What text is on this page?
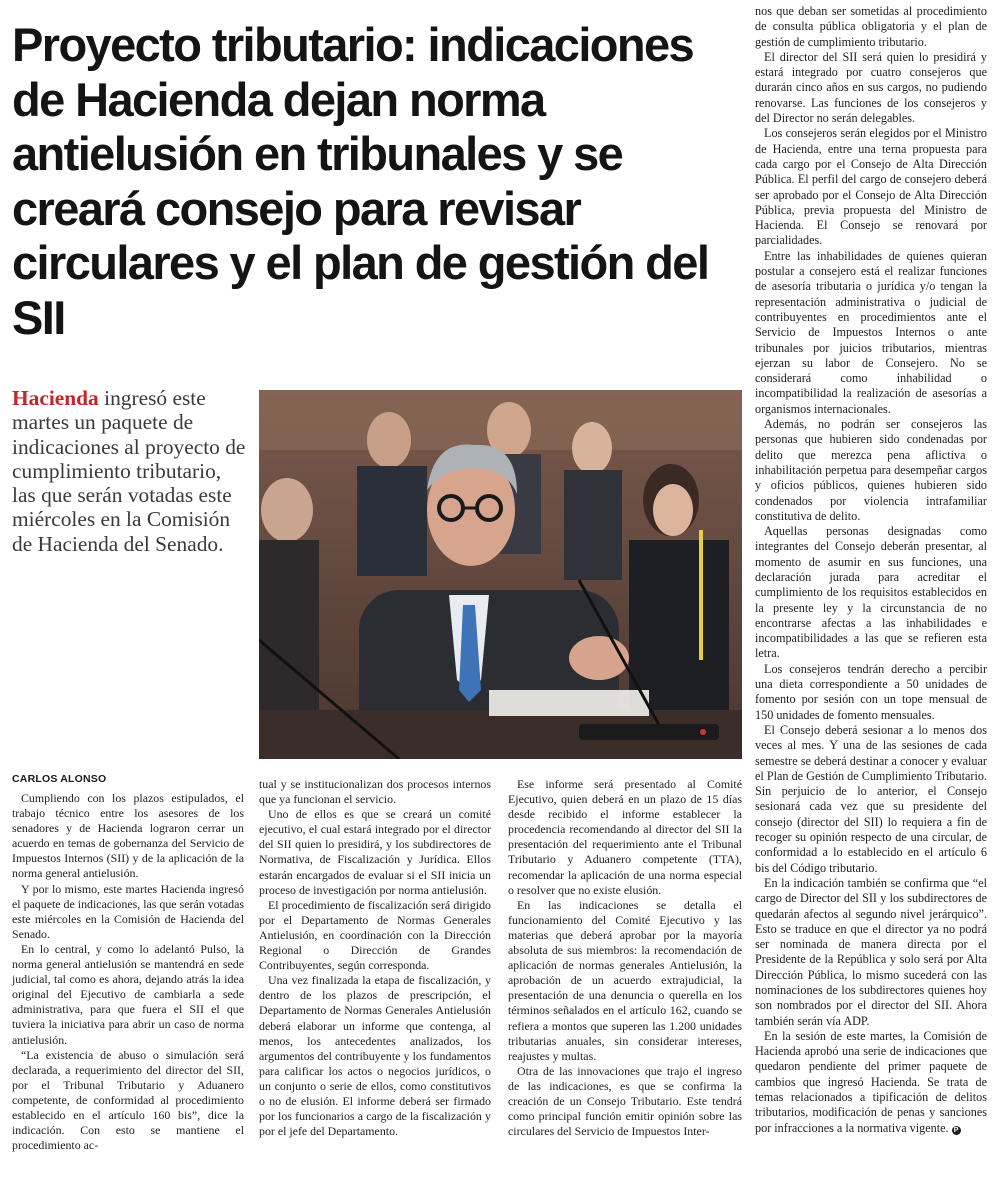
Proyecto tributario: indicaciones de Hacienda dejan norma antielusión en tribunales y se creará consejo para revisar circulares y el plan de gestión del SII

Hacienda ingresó este martes un paquete de indicaciones al proyecto de cumplimiento tributario, las que serán votadas este miércoles en la Comisión de Hacienda del Senado.

CARLOS ALONSO

Cumpliendo con los plazos estipulados, el trabajo técnico entre los asesores de los senadores y de Hacienda lograron cerrar un acuerdo en temas de gobernanza del Servicio de Impuestos Internos (SII) y de la aplicación de la norma general antielusión.

Y por lo mismo, este martes Hacienda ingresó el paquete de indicaciones, las que serán votadas este miércoles en la Comisión de Hacienda del Senado.

En lo central, y como lo adelantó Pulso, la norma general antielusión se mantendrá en sede judicial, tal como es ahora, dejando atrás la idea original del Ejecutivo de cambiarla a sede administrativa, para que fuera el SII el que tuviera la iniciativa para abrir un caso de norma antielusión.

“La existencia de abuso o simulación será declarada, a requerimiento del director del SII, por el Tribunal Tributario y Aduanero competente, de conformidad al procedimiento establecido en el artículo 160 bis”, dice la indicación. Con esto se mantiene el procedimiento ac-

tual y se institucionalizan dos procesos internos que ya funcionan el servicio.

Uno de ellos es que se creará un comité ejecutivo, el cual estará integrado por el director del SII quien lo presidirá, y los subdirectores de Normativa, de Fiscalización y Jurídica. Ellos estarán encargados de evaluar si el SII inicia un proceso de investigación por norma antielusión.

El procedimiento de fiscalización será dirigido por el Departamento de Normas Generales Antielusión, en coordinación con la Dirección Regional o Dirección de Grandes Contribuyentes, según corresponda.

Una vez finalizada la etapa de fiscalización, y dentro de los plazos de prescripción, el Departamento de Normas Generales Antielusión deberá elaborar un informe que contenga, al menos, los antecedentes analizados, los argumentos del contribuyente y los fundamentos para calificar los actos o negocios jurídicos, o un conjunto o serie de ellos, como constitutivos o no de elusión. El informe deberá ser firmado por los funcionarios a cargo de la fiscalización y por el jefe del Departamento.

Ese informe será presentado al Comité Ejecutivo, quien deberá en un plazo de 15 días desde recibido el informe establecer la procedencia recomendando al director del SII la presentación del requerimiento ante el Tribunal Tributario y Aduanero competente (TTA), recomendar la aplicación de una norma especial o resolver que no existe elusión.

En las indicaciones se detalla el funcionamiento del Comité Ejecutivo y las materias que deberá aprobar por la mayoría absoluta de sus miembros: la recomendación de aplicación de normas generales Antielusión, la aprobación de un acuerdo extrajudicial, la presentación de una denuncia o querella en los términos señalados en el artículo 162, cuando se refiera a montos que superen las 1.200 unidades tributarias anuales, sin considerar intereses, reajustes y multas.

Otra de las innovaciones que trajo el ingreso de las indicaciones, es que se confirma la creación de un Consejo Tributario. Este tendrá como principal función emitir opinión sobre las circulares del Servicio de Impuestos Inter-

nos que deban ser sometidas al procedimiento de consulta pública obligatoria y el plan de gestión de cumplimiento tributario.

El director del SII será quien lo presidirá y estará integrado por cuatro consejeros que durarán cinco años en sus cargos, no pudiendo renovarse. Las funciones de los consejeros y del Director no serán delegables.

Los consejeros serán elegidos por el Ministro de Hacienda, entre una terna propuesta para cada cargo por el Consejo de Alta Dirección Pública. El perfil del cargo de consejero deberá ser aprobado por el Consejo de Alta Dirección Pública, previa propuesta del Ministro de Hacienda. El Consejo se renovará por parcialidades.

Entre las inhabilidades de quienes quieran postular a consejero está el realizar funciones de asesoría tributaria o jurídica y/o tengan la representación administrativa o judicial de contribuyentes en procedimientos ante el Servicio de Impuestos Internos o ante tribunales por juicios tributarios, mientras ejerzan su labor de Consejero. No se considerará como inhabilidad o incompatibilidad la realización de asesorías a organismos internacionales.

Además, no podrán ser consejeros las personas que hubieren sido condenadas por delito que merezca pena aflictiva o inhabilitación perpetua para desempeñar cargos y oficios públicos, quienes hubieren sido condenados por violencia intrafamiliar constitutiva de delito.

Aquellas personas designadas como integrantes del Consejo deberán presentar, al momento de asumir en sus funciones, una declaración jurada para acreditar el cumplimiento de los requisitos establecidos en la presente ley y la circunstancia de no encontrarse afectas a las inhabilidades e incompatibilidades a las que se refieren esta letra.

Los consejeros tendrán derecho a percibir una dieta correspondiente a 50 unidades de fomento por sesión con un tope mensual de 150 unidades de fomento mensuales.

El Consejo deberá sesionar a lo menos dos veces al mes. Y una de las sesiones de cada semestre se deberá destinar a conocer y evaluar el Plan de Gestión de Cumplimiento Tributario. Sin perjuicio de lo anterior, el Consejo sesionará cada vez que su presidente del consejo (director del SII) lo requiera a fin de recoger su opinión respecto de una circular, de conformidad a lo establecido en el artículo 6 bis del Código tributario.

En la indicación también se confirma que “el cargo de Director del SII y los subdirectores de quedarán afectos al segundo nivel jerárquico”. Esto se traduce en que el director ya no podrá ser nominada de manera directa por el Presidente de la República y solo será por Alta Dirección Pública, lo mismo sucederá con las nominaciones de los subdirectores quienes hoy son nombrados por el director del SII. Ahora también serán vía ADP.

En la sesión de este martes, la Comisión de Hacienda aprobó una serie de indicaciones que quedaron pendiente del primer paquete de cambios que ingresó Hacienda. Se trata de temas relacionados a tipificación de delitos tributarios, modificación de penas y sanciones por infracciones a la normativa vigente. P
